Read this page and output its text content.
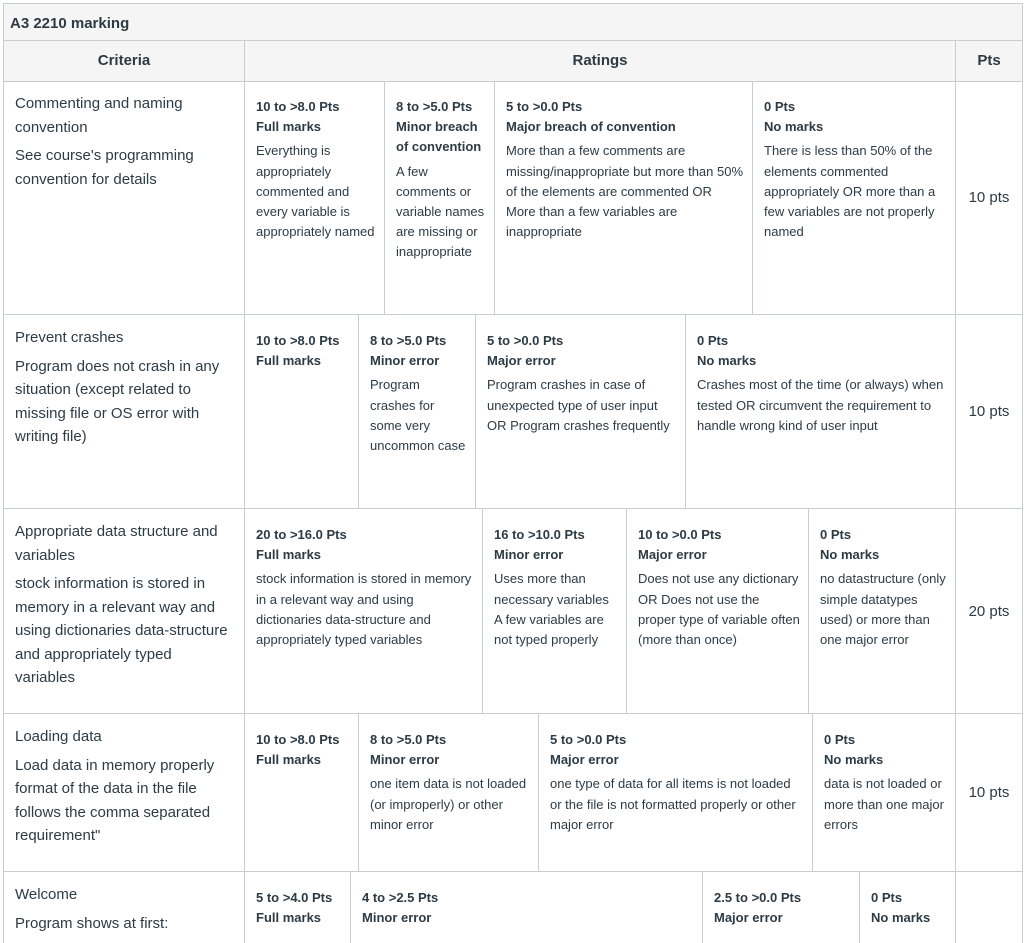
A3 2210 marking
Criteria	Ratings	Pts
Commenting and naming convention
See course's programming convention for details
10 to >8.0 Pts
Full marks
Everything is appropriately commented and every variable is appropriately named
8 to >5.0 Pts
Minor breach of convention
A few comments or variable names are missing or inappropriate
5 to >0.0 Pts
Major breach of convention
More than a few comments are missing/inappropriate but more than 50% of the elements are commented OR More than a few variables are inappropriate
0 Pts
No marks
There is less than 50% of the elements commented appropriately OR more than a few variables are not properly named
10 pts
Prevent crashes
Program does not crash in any situation (except related to missing file or OS error with writing file)
10 to >8.0 Pts
Full marks
8 to >5.0 Pts
Minor error
Program crashes for some very uncommon case
5 to >0.0 Pts
Major error
Program crashes in case of unexpected type of user input OR Program crashes frequently
0 Pts
No marks
Crashes most of the time (or always) when tested OR circumvent the requirement to handle wrong kind of user input
10 pts
Appropriate data structure and variables
stock information is stored in memory in a relevant way and using dictionaries data-structure and appropriately typed variables
20 to >16.0 Pts
Full marks
stock information is stored in memory in a relevant way and using dictionaries data-structure and appropriately typed variables
16 to >10.0 Pts
Minor error
Uses more than necessary variables A few variables are not typed properly
10 to >0.0 Pts
Major error
Does not use any dictionary OR Does not use the proper type of variable often (more than once)
0 Pts
No marks
no datastructure (only simple datatypes used) or more than one major error
20 pts
Loading data
Load data in memory properly format of the data in the file follows the comma separated requirement"
10 to >8.0 Pts
Full marks
8 to >5.0 Pts
Minor error
one item data is not loaded (or improperly) or other minor error
5 to >0.0 Pts
Major error
one type of data for all items is not loaded or the file is not formatted properly or other major error
0 Pts
No marks
data is not loaded or more than one major errors
10 pts
Welcome
Program shows at first:
5 to >4.0 Pts
Full marks
4 to >2.5 Pts
Minor error
2.5 to >0.0 Pts
Major error
0 Pts
No marks
